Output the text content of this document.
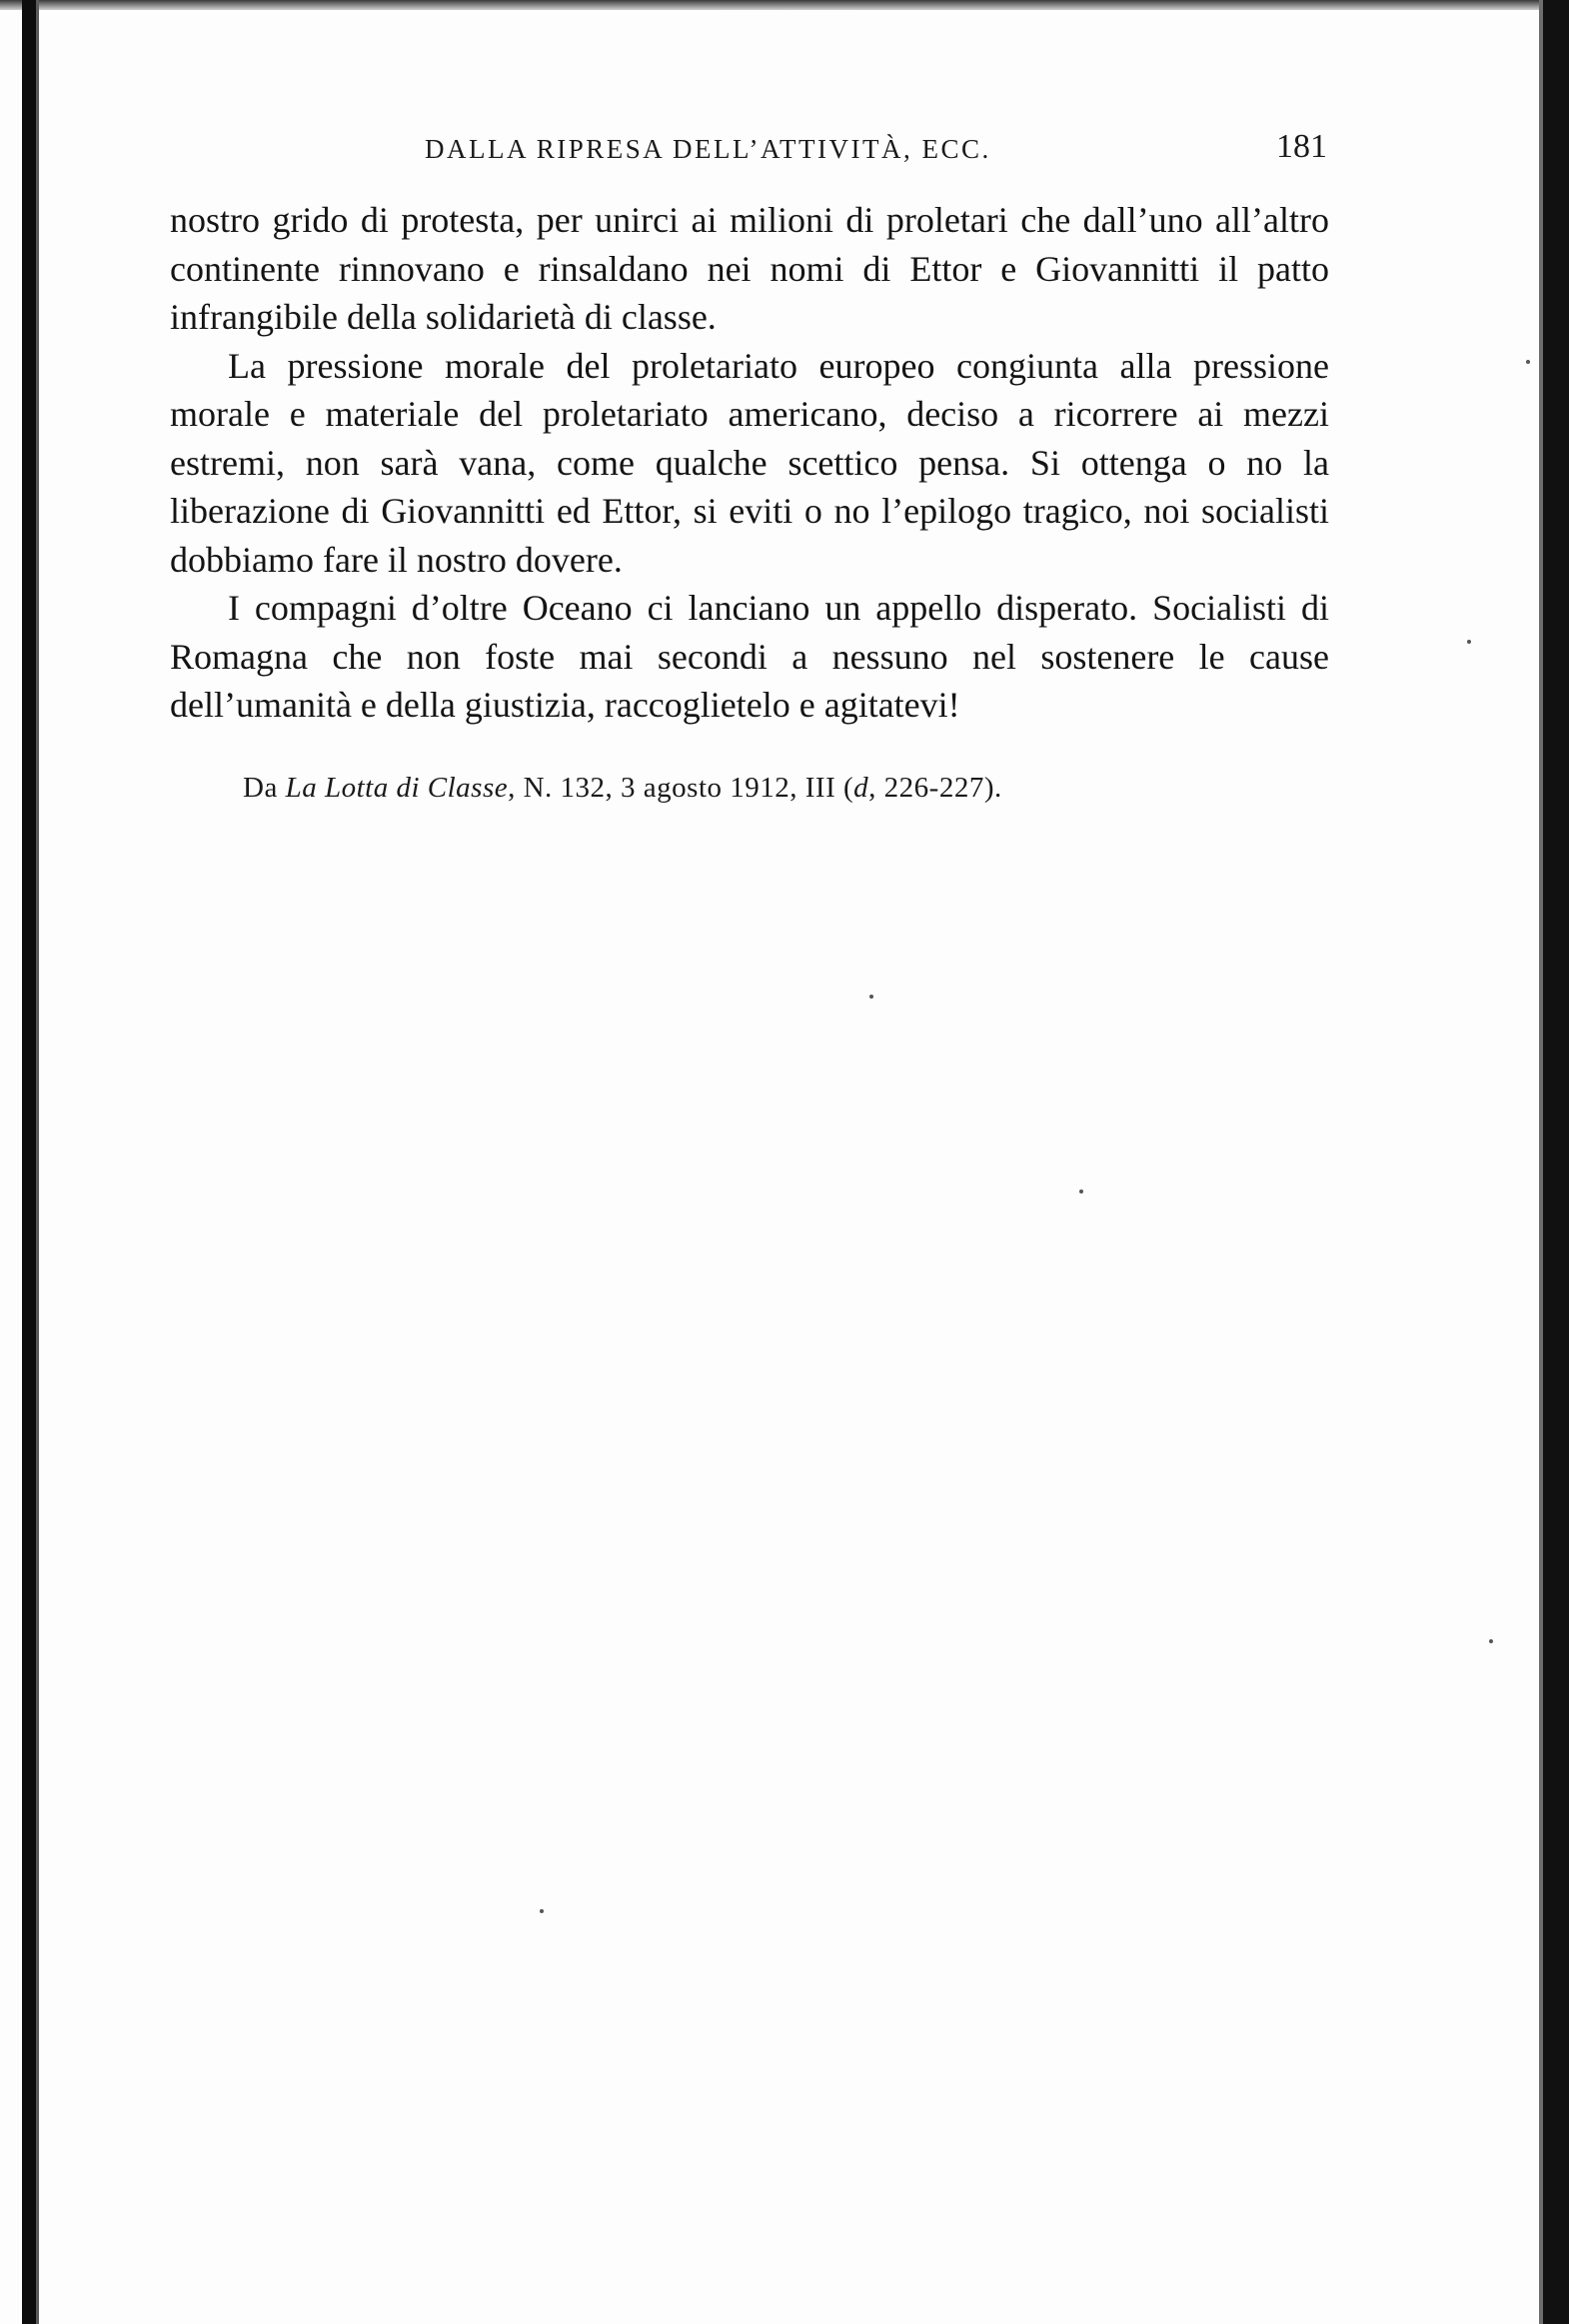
DALLA RIPRESA DELL’ATTIVITÀ, ECC.	181

nostro grido di protesta, per unirci ai milioni di proletari che dall’uno all’altro continente rinnovano e rinsaldano nei nomi di Ettor e Giovannitti il patto infrangibile della solidarietà di classe.

La pressione morale del proletariato europeo congiunta alla pressione morale e materiale del proletariato americano, deciso a ricorrere ai mezzi estremi, non sarà vana, come qualche scettico pensa. Si ottenga o no la liberazione di Giovannitti ed Ettor, si eviti o no l’epilogo tragico, noi socialisti dobbiamo fare il nostro dovere.

I compagni d’oltre Oceano ci lanciano un appello disperato. Socialisti di Romagna che non foste mai secondi a nessuno nel sostenere le cause dell’umanità e della giustizia, raccoglietelo e agitatevi!

Da La Lotta di Classe, N. 132, 3 agosto 1912, III (d, 226-227).
